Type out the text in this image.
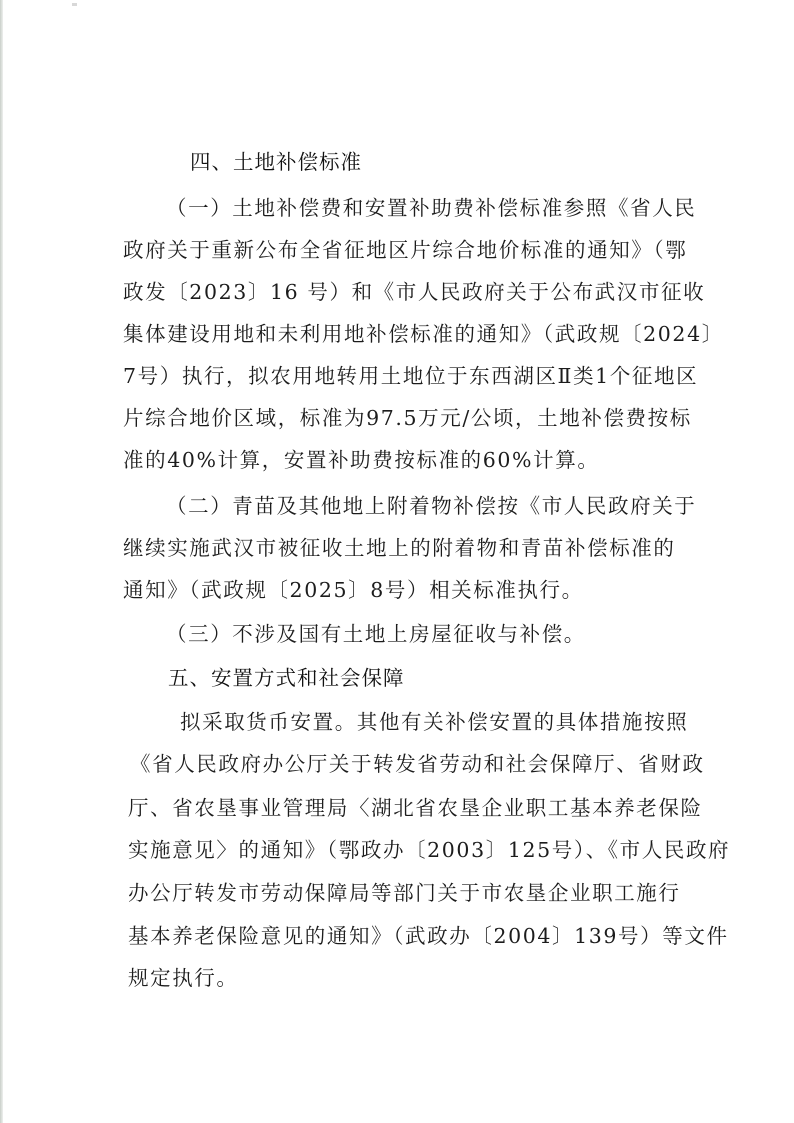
四、土地补偿标准
（一）土地补偿费和安置补助费补偿标准参照《省人民
政府关于重新公布全省征地区片综合地价标准的通知》（鄂
政发〔2023〕16 号）和《市人民政府关于公布武汉市征收
集体建设用地和未利用地补偿标准的通知》（武政规〔2024〕
7号）执行，拟农用地转用土地位于东西湖区Ⅱ类1个征地区
片综合地价区域，标准为97.5万元/公顷，土地补偿费按标
准的40%计算，安置补助费按标准的60%计算。
（二）青苗及其他地上附着物补偿按《市人民政府关于
继续实施武汉市被征收土地上的附着物和青苗补偿标准的
通知》（武政规〔2025〕8号）相关标准执行。
（三）不涉及国有土地上房屋征收与补偿。
五、安置方式和社会保障
拟采取货币安置。其他有关补偿安置的具体措施按照
《省人民政府办公厅关于转发省劳动和社会保障厅、省财政
厅、省农垦事业管理局〈湖北省农垦企业职工基本养老保险
实施意见〉的通知》（鄂政办〔2003〕125号）、《市人民政府
办公厅转发市劳动保障局等部门关于市农垦企业职工施行
基本养老保险意见的通知》（武政办〔2004〕139号）等文件
规定执行。
